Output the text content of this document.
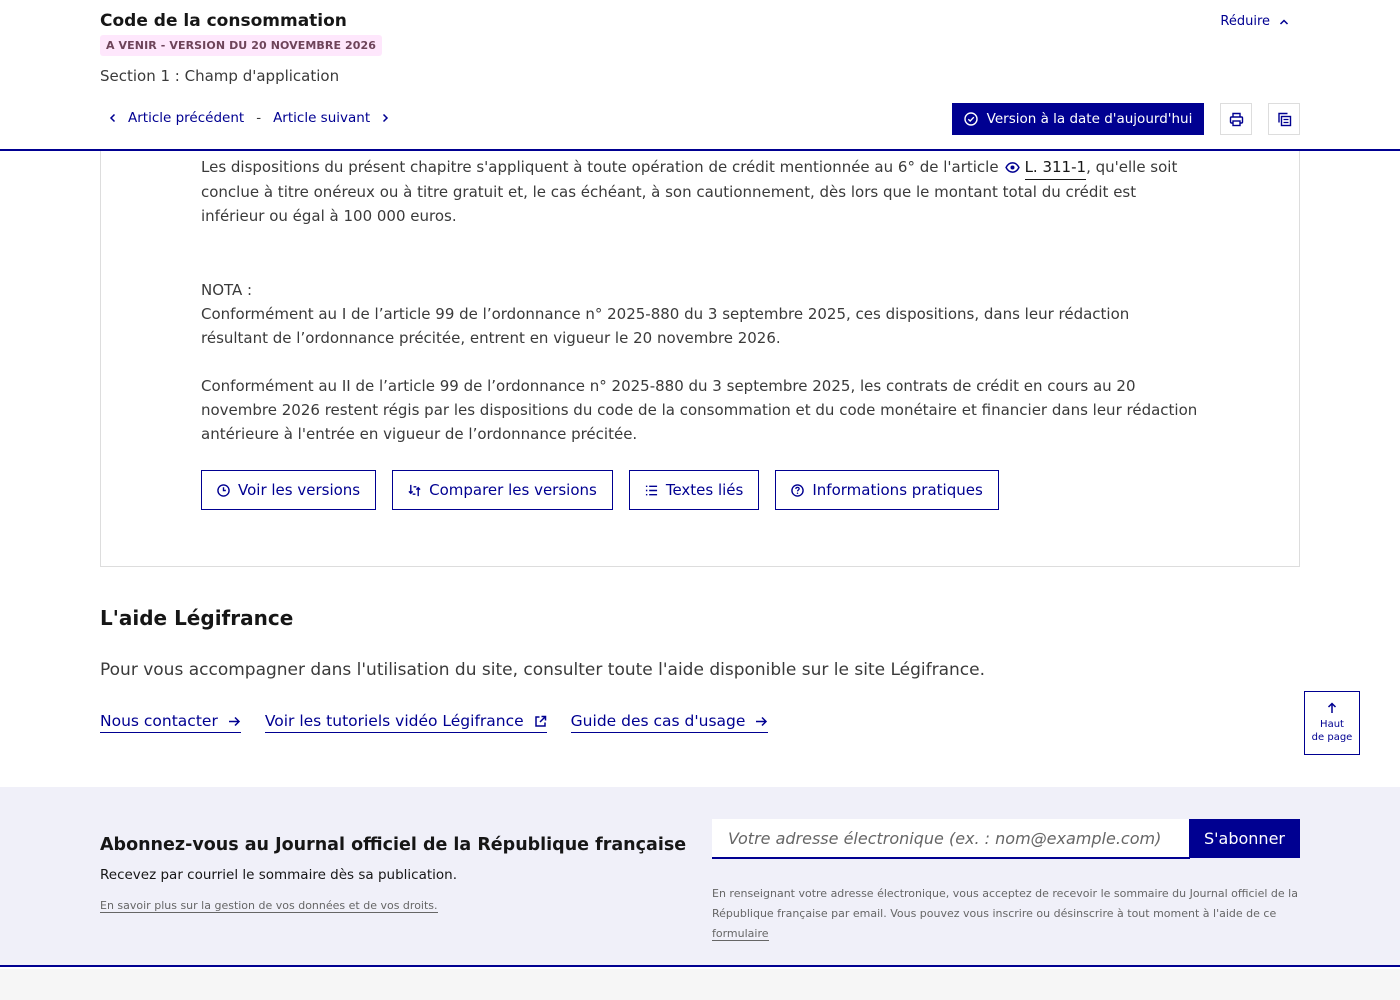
Les dispositions du présent chapitre s'appliquent à toute opération de crédit mentionnée au 6° de l'article L. 311-1, qu'elle soit conclue à titre onéreux ou à titre gratuit et, le cas échéant, à son cautionnement, dès lors que le montant total du crédit est inférieur ou égal à 100 000 euros.

NOTA :

Conformément au I de l’article 99 de l’ordonnance n° 2025-880 du 3 septembre 2025, ces dispositions, dans leur rédaction résultant de l’ordonnance précitée, entrent en vigueur le 20 novembre 2026.

Conformément au II de l’article 99 de l’ordonnance n° 2025-880 du 3 septembre 2025, les contrats de crédit en cours au 20 novembre 2026 restent régis par les dispositions du code de la consommation et du code monétaire et financier dans leur rédaction antérieure à l'entrée en vigueur de l’ordonnance précitée.

Voir les versions	Comparer les versions	Textes liés	Informations pratiques
Code de la consommation
A VENIR - VERSION DU 20 NOVEMBRE 2026
Section 1 : Champ d'application
Réduire
Article précédent - Article suivant	Version à la date d'aujourd'hui
L'aide Légifrance
Pour vous accompagner dans l'utilisation du site, consulter toute l'aide disponible sur le site Légifrance.
Nous contacter	Voir les tutoriels vidéo Légifrance	Guide des cas d'usage	Haut
de page
Abonnez-vous au Journal officiel de la République française
Recevez par courriel le sommaire dès sa publication.
En savoir plus sur la gestion de vos données et de vos droits.
Votre adresse électronique (ex. : nom@example.com)
S'abonner
En renseignant votre adresse électronique, vous acceptez de recevoir le sommaire du Journal officiel de la République française par email. Vous pouvez vous inscrire ou désinscrire à tout moment à l'aide de ce formulaire
